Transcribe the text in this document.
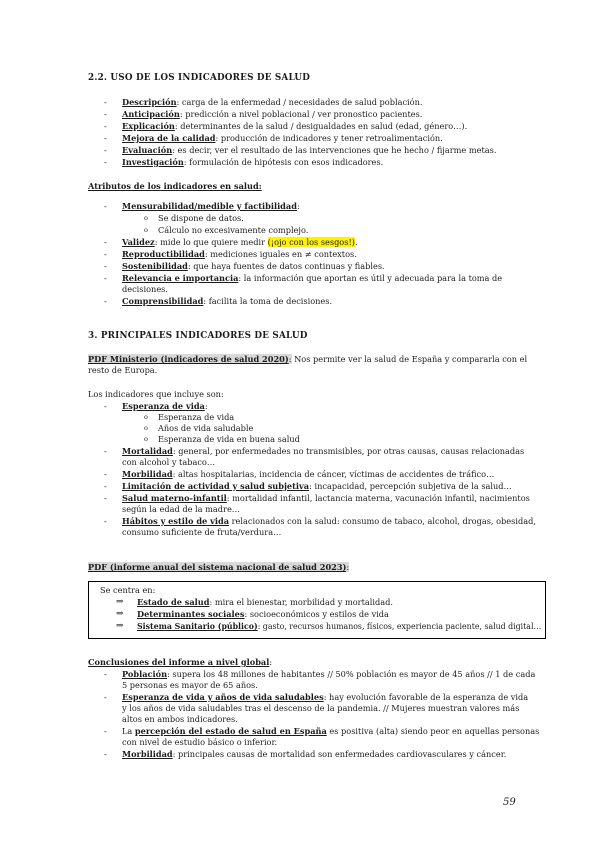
2.2. USO DE LOS INDICADORES DE SALUD
- Descripción: carga de la enfermedad / necesidades de salud población.
- Anticipación: predicción a nivel poblacional / ver pronostico pacientes.
- Explicación: determinantes de la salud / desigualdades en salud (edad, género…).
- Mejora de la calidad: producción de indicadores y tener retroalimentación.
- Evaluación: es decir, ver el resultado de las intervenciones que he hecho / fijarme metas.
- Investigación: formulación de hipótesis con esos indicadores.
Atributos de los indicadores en salud:
- Mensurabilidad/medible y factibilidad:
o Se dispone de datos.
o Cálculo no excesivamente complejo.
- Validez: mide lo que quiere medir (¡ojo con los sesgos!).
- Reproductibilidad: mediciones iguales en ≠ contextos.
- Sostenibilidad: que haya fuentes de datos continuas y fiables.
- Relevancia e importancia: la información que aportan es útil y adecuada para la toma de
decisiones.
- Comprensibilidad: facilita la toma de decisiones.
3. PRINCIPALES INDICADORES DE SALUD
PDF Ministerio (indicadores de salud 2020): Nos permite ver la salud de España y compararla con el
resto de Europa.
Los indicadores que incluye son:
- Esperanza de vida:
o Esperanza de vida
o Años de vida saludable
o Esperanza de vida en buena salud
- Mortalidad: general, por enfermedades no transmisibles, por otras causas, causas relacionadas
con alcohol y tabaco…
- Morbilidad: altas hospitalarias, incidencia de cáncer, víctimas de accidentes de tráfico…
- Limitación de actividad y salud subjetiva: incapacidad, percepción subjetiva de la salud…
- Salud materno-infantil: mortalidad infantil, lactancia materna, vacunación infantil, nacimientos
según la edad de la madre…
- Hábitos y estilo de vida relacionados con la salud: consumo de tabaco, alcohol, drogas, obesidad,
consumo suficiente de fruta/verdura…
PDF (informe anual del sistema nacional de salud 2023):
Se centra en:
⇒ Estado de salud: mira el bienestar, morbilidad y mortalidad.
⇒ Determinantes sociales: socioeconómicos y estilos de vida
⇒ Sistema Sanitario (público): gasto, recursos humanos, físicos, experiencia paciente, salud digital…
Conclusiones del informe a nivel global:
- Población: supera los 48 millones de habitantes // 50% población es mayor de 45 años // 1 de cada
5 personas es mayor de 65 años.
- Esperanza de vida y años de vida saludables: hay evolución favorable de la esperanza de vida
y los años de vida saludables tras el descenso de la pandemia. // Mujeres muestran valores más
altos en ambos indicadores.
- La percepción del estado de salud en España es positiva (alta) siendo peor en aquellas personas
con nivel de estudio básico o inferior.
- Morbilidad: principales causas de mortalidad son enfermedades cardiovasculares y cáncer.
59
